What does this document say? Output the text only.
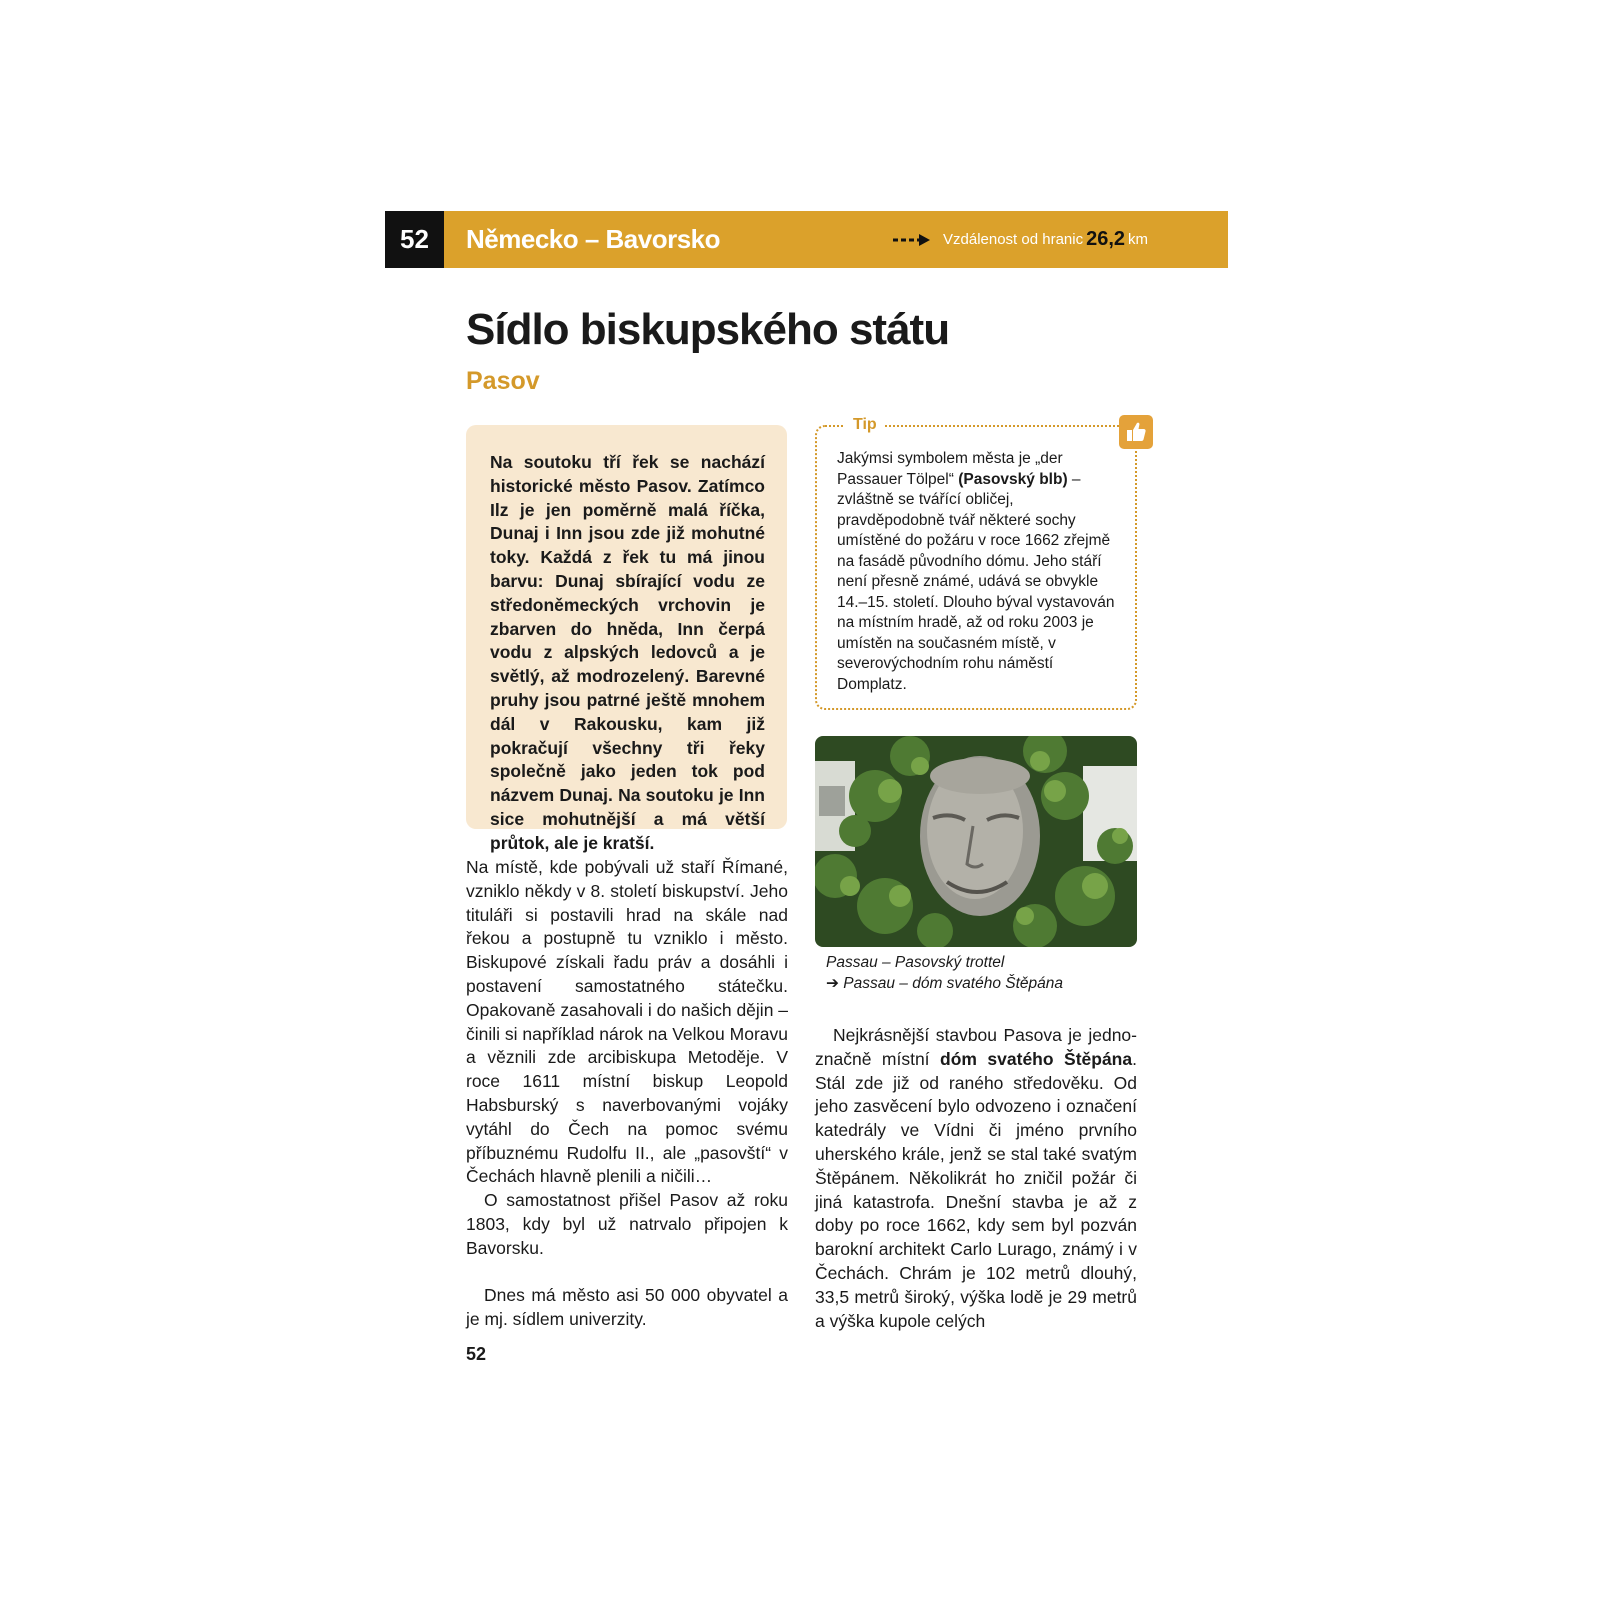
52	Německo – Bavorsko	Vzdálenost od hranic 26,2 km
Sídlo biskupského státu
Pasov

Na soutoku tří řek se nachází historické město Pasov. Zatímco Ilz je jen poměrně malá říčka, Dunaj i Inn jsou zde již mohutné toky. Každá z řek tu má jinou barvu: Dunaj sbírající vodu ze středoněmeckých vrchovin je zbarven do hněda, Inn čerpá vodu z alpských ledovců a je světlý, až modrozelený. Barevné pruhy jsou patrné ještě mnohem dál v Rakousku, kam již pokračují všechny tři řeky společně jako jeden tok pod názvem Dunaj. Na soutoku je Inn sice mohutnější a má větší průtok, ale je kratší.

Tip

Jakýmsi symbolem města je „der Passauer Tölpel“ (Pasovský blb) – zvláštně se tvářící obličej, pravděpodobně tvář některé sochy umístěné do požáru v roce 1662 zřejmě na fasádě původního dómu. Jeho stáří není přesně známé, udává se obvykle 14.–15. století. Dlouho býval vystavován na místním hradě, až od roku 2003 je umístěn na současném místě, v severovýchodním rohu náměstí Domplatz.

Passau – Pasovský trottel
➔ Passau – dóm svatého Štěpána

Na místě, kde pobývali už staří Římané, vzniklo někdy v 8. století biskupství. Jeho tituláři si postavili hrad na skále nad řekou a postupně tu vzniklo i město. Biskupové získali řadu práv a dosáhli i postavení samostatného státečku. Opakovaně zasahovali i do našich dějin – činili si například nárok na Velkou Moravu a věznili zde arcibiskupa Metoděje. V roce 1611 místní biskup Leopold Habsburský s naverbovanými vojáky vytáhl do Čech na pomoc svému příbuznému Rudolfu II., ale „pasovští“ v Čechách hlavně plenili a ničili…

O samostatnost přišel Pasov až roku 1803, kdy byl už natrvalo připojen k Bavorsku.

Dnes má město asi 50 000 obyvatel a je mj. sídlem univerzity.

Nejkrásnější stavbou Pasova je jednoznačně místní dóm svatého Štěpána. Stál zde již od raného středověku. Od jeho zasvěcení bylo odvozeno i označení katedrály ve Vídni či jméno prvního uherského krále, jenž se stal také svatým Štěpánem. Několikrát ho zničil požár či jiná katastrofa. Dnešní stavba je až z doby po roce 1662, kdy sem byl pozván barokní architekt Carlo Lurago, známý i v Čechách. Chrám je 102 metrů dlouhý, 33,5 metrů široký, výška lodě je 29 metrů a výška kupole celých

52
